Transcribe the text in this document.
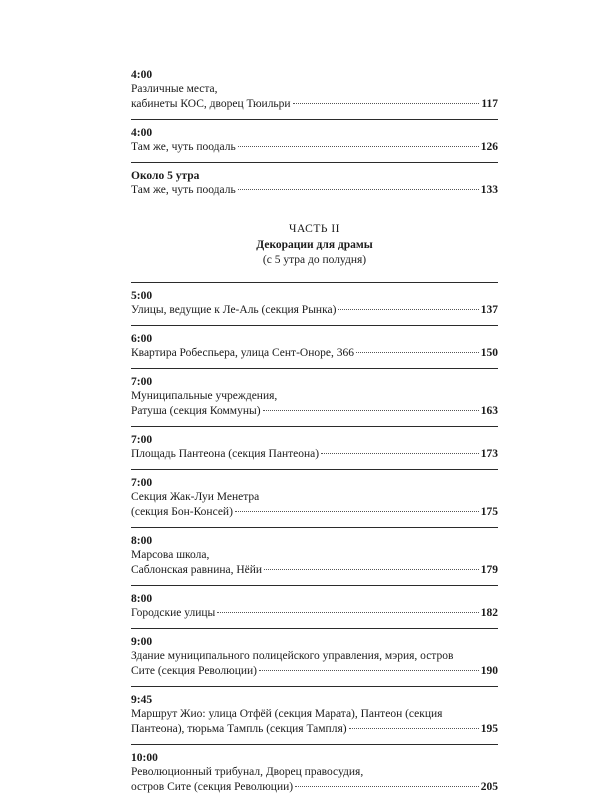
4:00
Различные места,
кабинеты КОС, дворец Тюильри	117
4:00
Там же, чуть поодаль	126
Около 5 утра
Там же, чуть поодаль	133
ЧАСТЬ II
Декорации для драмы
(с 5 утра до полудня)
5:00
Улицы, ведущие к Ле-Аль (секция Рынка)	137
6:00
Квартира Робеспьера, улица Сент-Оноре, 366	150
7:00
Муниципальные учреждения,
Ратуша (секция Коммуны)	163
7:00
Площадь Пантеона (секция Пантеона)	173
7:00
Секция Жак-Луи Менетра
(секция Бон-Консей)	175
8:00
Марсова школа,
Саблонская равнина, Нёйи	179
8:00
Городские улицы	182
9:00
Здание муниципального полицейского управления, мэрия, остров
Сите (секция Революции)	190
9:45
Маршрут Жио: улица Отфёй (секция Марата), Пантеон (секция
Пантеона), тюрьма Тампль (секция Тампля)	195
10:00
Революционный трибунал, Дворец правосудия,
остров Сите (секция Революции)	205
